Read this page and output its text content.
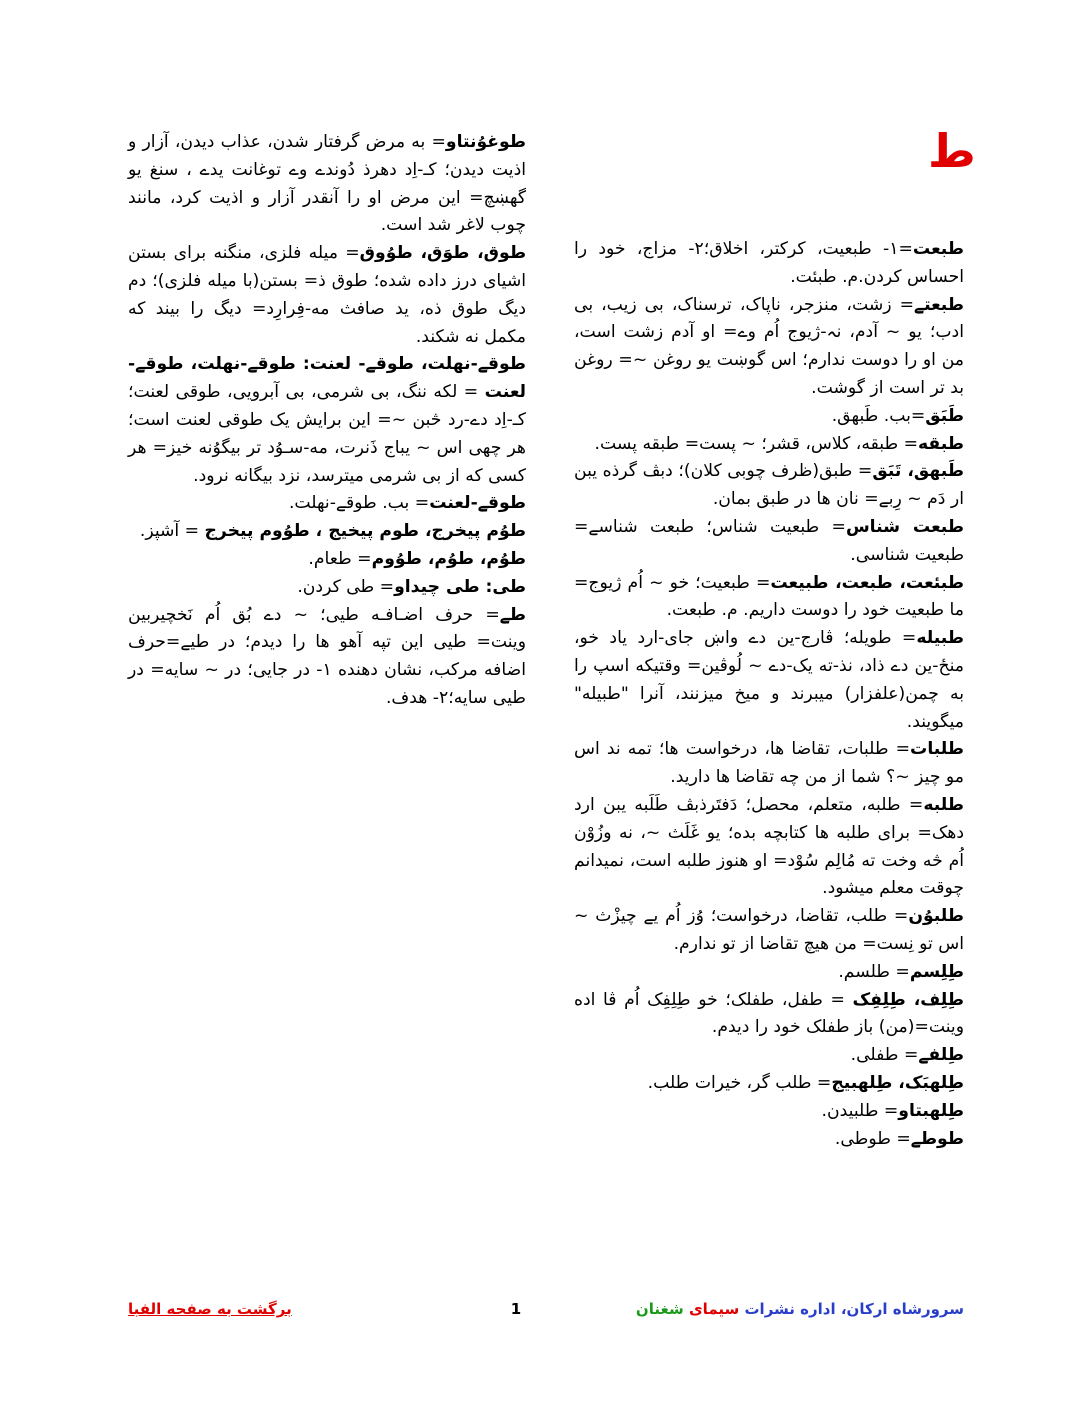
ط

طبعت=۱- طبعیت، کرکتر، اخلاق؛۲- مزاج، خود را احساس کردن.م. طبئت.

طبعتے= زشت، منزجر، ناپاک، ترسناک، بی زیب، بی ادب؛ یو ~ آدم، نہ-ژیوج اُم وے= او آدم زشت است، من او را دوست ندارم؛ اس گوښت یو روغن ~= روغن بد تر است از گوشت.

طَبَق=بب. طَبهق.

طبقه= طبقه، کلاس، قشر؛ ~ پست= طبقه پست.

طَبهق، تَبَق= طبق(ظرف چوبی کلان)؛ دبڤ گرذه یبن ار دَم ~ رِبے= نان ها در طبق بمان.

طبعت شناس= طبعیت شناس؛ طبعت شناسے= طبعیت شناسی.

طبئعت، طبعت، طبیعت= طبعیت؛ خو ~ اُم ژیوج= ما طبعیت خود را دوست داریم. م. طبعت.

طبیله= طویله؛ ڤارج-ین دے واښ جای-ارد یاد خو، منځ-ین دے ذاد، نذ-ته یک-دے ~ لُوڤین= وقتیکه اسپ را به چمن(علفزار) میبرند و میخ میزنند، آنرا "طبیله" میگویند.

طلبات= طلبات، تقاضا ها، درخواست ها؛ تمه ند اس مو چیز ~؟ شما از من چه تقاضا ها دارید.

طلبه= طلبه، متعلم، محصل؛ دَفتَرذبڤ طَلَبه یبن ارد دهک= برای طلبه ها کتابچه بده؛ یو غَلَث ~، نه وزُوْن اُم څه وخت ته مُالِم سُوْد= او هنوز طلبه است، نمیدانم چوقت معلم میشود.

طلبوُن= طلب، تقاضا، درخواست؛ وُز اُم یے چیزْث ~ اس تو نِست= من هیچ تقاضا از تو ندارم.

طِلِسم= طلسم.

طِلِف، طِلِفِک = طفل، طفلک؛ خو طِلِفِک اُم ڤا اده وینت=(من) باز طفلک خود را دیدم.

طِلفے= طفلی.

طِلهبَک، طِلهبیج= طلب گر، خیرات طلب.

طِلهبتاو= طلبیدن.

طوطے= طوطی.

طوغوُنتاو= به مرض گرفتار شدن، عذاب دیدن، آزار و اذیت دیدن؛ کـ-اِد دهرذ دُوندے وے توغانت یدے ، سنغ یو گهښچ= این مرض او را آنقدر آزار و اذیت کرد، مانند چوب لاغر شد است.

طوق، طوَق، طوُوق= میله فلزی، منگنه برای بستن اشیای درز داده شده؛ طوق ذ= بستن(با میله فلزی)؛ دم دیگ طوق ذه، ید صافث مه-فِرارِد= دیگ را بیند که مکمل نه شکند.

طوقے-نهلت، طوقے- لعنت: طوقے-نهلت، طوقے- لعنت = لکه ننگ، بی شرمی، بی آبرویی، طوقی لعنت؛ کـ-اِد دے-رد څبن ~= این برایش یک طوقی لعنت است؛ هر چهی اس ~ یباج ذَنرت، مه-سـوُد تر بیگوُنه خیز= هر کسی که از بی شرمی میترسد، نزد بیگانه نرود.

طوقے-لعنت= بب. طوقے-نهلت.

طوُم پیخرج، طوم پیخیج ، طوُوم پیخرج = آشپز.

طوُم، طوُم، طوُوم= طعام.

طی: طی چیداو= طی کردن.

طے= حرف اضـافـه طیی؛ ~ دے بُق اُم نَخچیربین وینت= طیی این تپه آهو ها را دیدم؛ در طیے=حرف اضافه مرکب، نشان دهنده ۱- در جایی؛ در ~ سایه= در طیی سایه؛۲- هدف.

برگشت به صفحه الفبا	1	سرورشاه ارکان، اداره نشرات سیمای شغنان
